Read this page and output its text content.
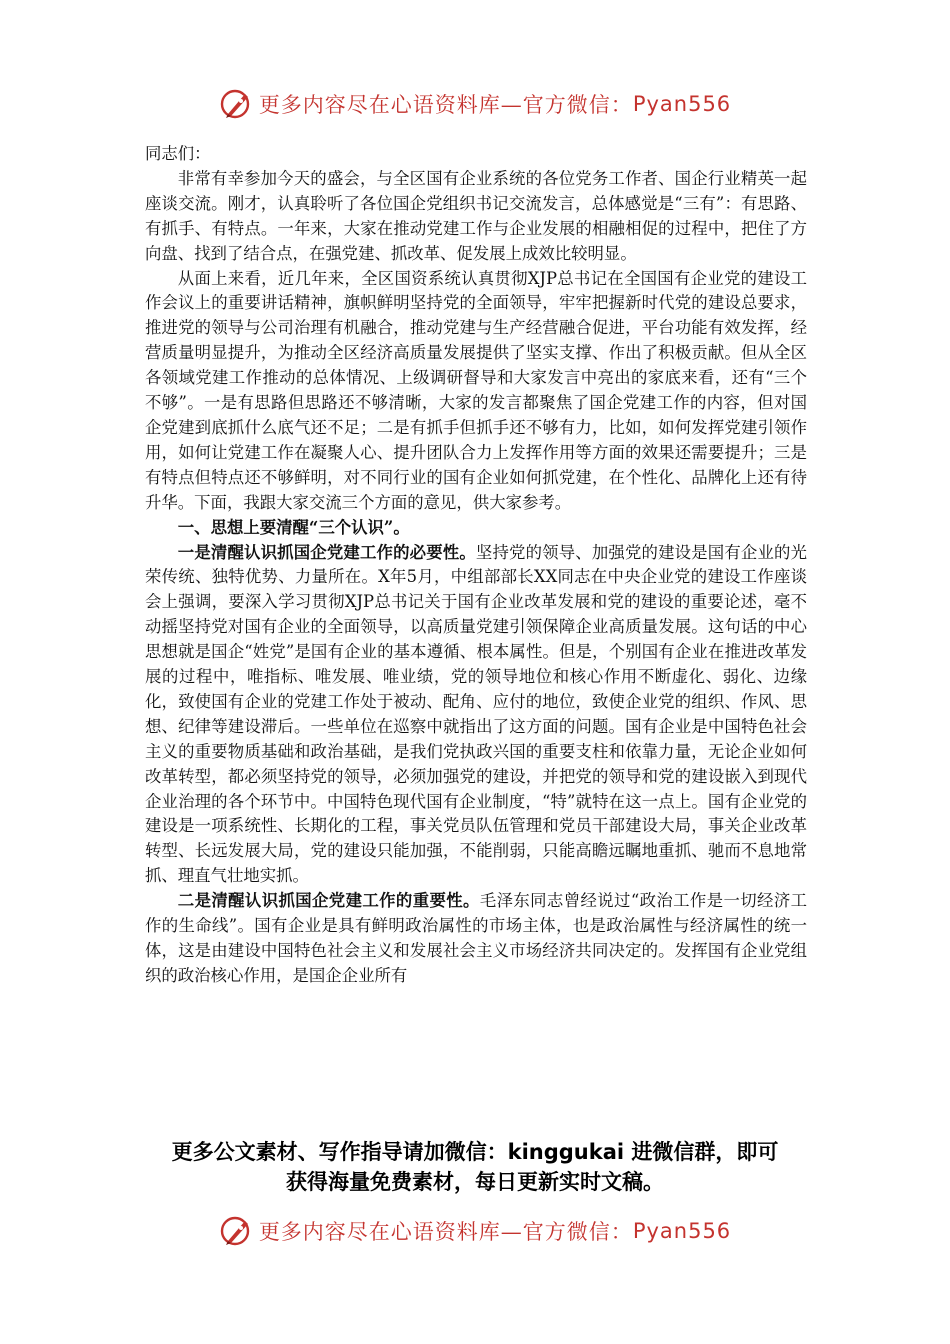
更多内容尽在心语资料库—官方微信： Pyan556

同志们：

非常有幸参加今天的盛会，与全区国有企业系统的各位党务工作者、国企行业精英一起座谈交流。刚才，认真聆听了各位国企党组织书记交流发言，总体感觉是“三有”：有思路、有抓手、有特点。一年来，大家在推动党建工作与企业发展的相融相促的过程中，把住了方向盘、找到了结合点，在强党建、抓改革、促发展上成效比较明显。

从面上来看，近几年来，全区国资系统认真贯彻XJP总书记在全国国有企业党的建设工作会议上的重要讲话精神，旗帜鲜明坚持党的全面领导，牢牢把握新时代党的建设总要求，推进党的领导与公司治理有机融合，推动党建与生产经营融合促进，平台功能有效发挥，经营质量明显提升，为推动全区经济高质量发展提供了坚实支撑、作出了积极贡献。但从全区各领域党建工作推动的总体情况、上级调研督导和大家发言中亮出的家底来看，还有“三个不够”。一是有思路但思路还不够清晰，大家的发言都聚焦了国企党建工作的内容，但对国企党建到底抓什么底气还不足；二是有抓手但抓手还不够有力，比如，如何发挥党建引领作用，如何让党建工作在凝聚人心、提升团队合力上发挥作用等方面的效果还需要提升；三是有特点但特点还不够鲜明，对不同行业的国有企业如何抓党建，在个性化、品牌化上还有待升华。下面，我跟大家交流三个方面的意见，供大家参考。

一、思想上要清醒“三个认识”。

一是清醒认识抓国企党建工作的必要性。坚持党的领导、加强党的建设是国有企业的光荣传统、独特优势、力量所在。X年5月，中组部部长XX同志在中央企业党的建设工作座谈会上强调，要深入学习贯彻XJP总书记关于国有企业改革发展和党的建设的重要论述，毫不动摇坚持党对国有企业的全面领导，以高质量党建引领保障企业高质量发展。这句话的中心思想就是国企“姓党”是国有企业的基本遵循、根本属性。但是，个别国有企业在推进改革发展的过程中，唯指标、唯发展、唯业绩，党的领导地位和核心作用不断虚化、弱化、边缘化，致使国有企业的党建工作处于被动、配角、应付的地位，致使企业党的组织、作风、思想、纪律等建设滞后。一些单位在巡察中就指出了这方面的问题。国有企业是中国特色社会主义的重要物质基础和政治基础，是我们党执政兴国的重要支柱和依靠力量，无论企业如何改革转型，都必须坚持党的领导，必须加强党的建设，并把党的领导和党的建设嵌入到现代企业治理的各个环节中。中国特色现代国有企业制度，“特”就特在这一点上。国有企业党的建设是一项系统性、长期化的工程，事关党员队伍管理和党员干部建设大局，事关企业改革转型、长远发展大局，党的建设只能加强，不能削弱，只能高瞻远瞩地重抓、驰而不息地常抓、理直气壮地实抓。

二是清醒认识抓国企党建工作的重要性。毛泽东同志曾经说过“政治工作是一切经济工作的生命线”。国有企业是具有鲜明政治属性的市场主体，也是政治属性与经济属性的统一体，这是由建设中国特色社会主义和发展社会主义市场经济共同决定的。发挥国有企业党组织的政治核心作用，是国企企业所有

更多公文素材、写作指导请加微信：kinggukai 进微信群，即可
获得海量免费素材，每日更新实时文稿。
更多内容尽在心语资料库—官方微信： Pyan556
